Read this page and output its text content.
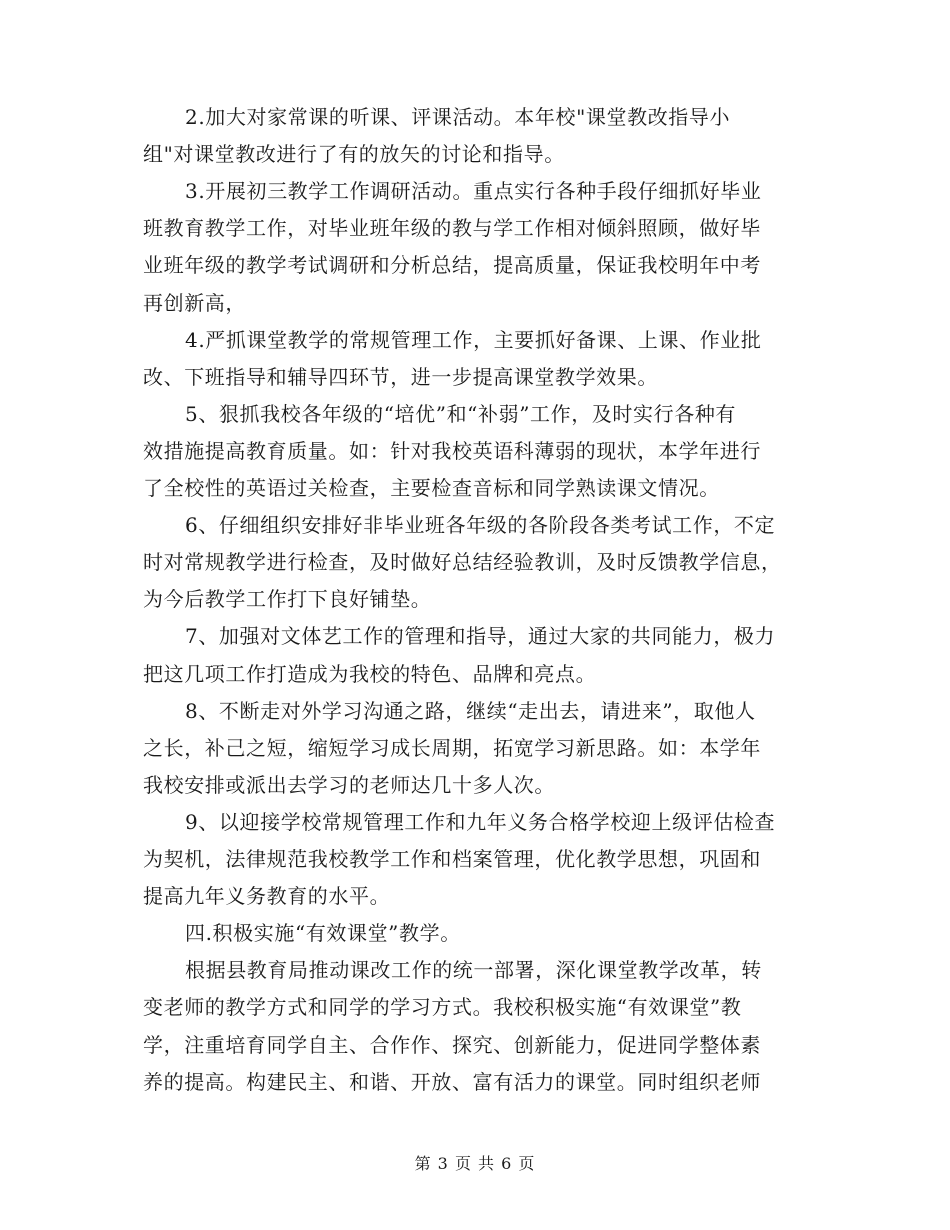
2.加大对家常课的听课、评课活动。本年校"课堂教改指导小
组"对课堂教改进行了有的放矢的讨论和指导。
3.开展初三教学工作调研活动。重点实行各种手段仔细抓好毕业
班教育教学工作，对毕业班年级的教与学工作相对倾斜照顾，做好毕
业班年级的教学考试调研和分析总结，提高质量，保证我校明年中考
再创新高，
4.严抓课堂教学的常规管理工作，主要抓好备课、上课、作业批
改、下班指导和辅导四环节，进一步提高课堂教学效果。
5、狠抓我校各年级的“培优”和“补弱”工作，及时实行各种有
效措施提高教育质量。如：针对我校英语科薄弱的现状，本学年进行
了全校性的英语过关检查，主要检查音标和同学熟读课文情况。
6、仔细组织安排好非毕业班各年级的各阶段各类考试工作，不定
时对常规教学进行检查，及时做好总结经验教训，及时反馈教学信息，
为今后教学工作打下良好铺垫。
7、加强对文体艺工作的管理和指导，通过大家的共同能力，极力
把这几项工作打造成为我校的特色、品牌和亮点。
8、不断走对外学习沟通之路，继续“走出去，请进来”，取他人
之长，补己之短，缩短学习成长周期，拓宽学习新思路。如：本学年
我校安排或派出去学习的老师达几十多人次。
9、以迎接学校常规管理工作和九年义务合格学校迎上级评估检查
为契机，法律规范我校教学工作和档案管理，优化教学思想，巩固和
提高九年义务教育的水平。
四.积极实施“有效课堂”教学。
根据县教育局推动课改工作的统一部署，深化课堂教学改革，转
变老师的教学方式和同学的学习方式。我校积极实施“有效课堂”教
学，注重培育同学自主、合作作、探究、创新能力，促进同学整体素
养的提高。构建民主、和谐、开放、富有活力的课堂。同时组织老师
第 3 页 共 6 页
